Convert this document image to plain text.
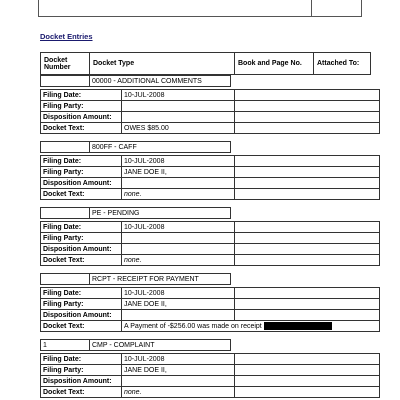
Docket Entries
Docket Number	Docket Type	Book and Page No.	Attached To:
	00000 - ADDITIONAL COMMENTS	
Filing Date:	10-JUL-2008	
Filing Party:		
Disposition Amount:		
Docket Text:	OWES $85.00	
	800FF - CAFF	
Filing Date:	10-JUL-2008	
Filing Party:	JANE DOE II,	
Disposition Amount:		
Docket Text:	none.	
	PE - PENDING	
Filing Date:	10-JUL-2008	
Filing Party:		
Disposition Amount:		
Docket Text:	none.	
	RCPT - RECEIPT FOR PAYMENT	
Filing Date:	10-JUL-2008	
Filing Party:	JANE DOE II,	
Disposition Amount:		
Docket Text:	A Payment of -$256.00 was made on receipt	
1	CMP - COMPLAINT	
Filing Date:	10-JUL-2008	
Filing Party:	JANE DOE II,	
Disposition Amount:		
Docket Text:	none.	
